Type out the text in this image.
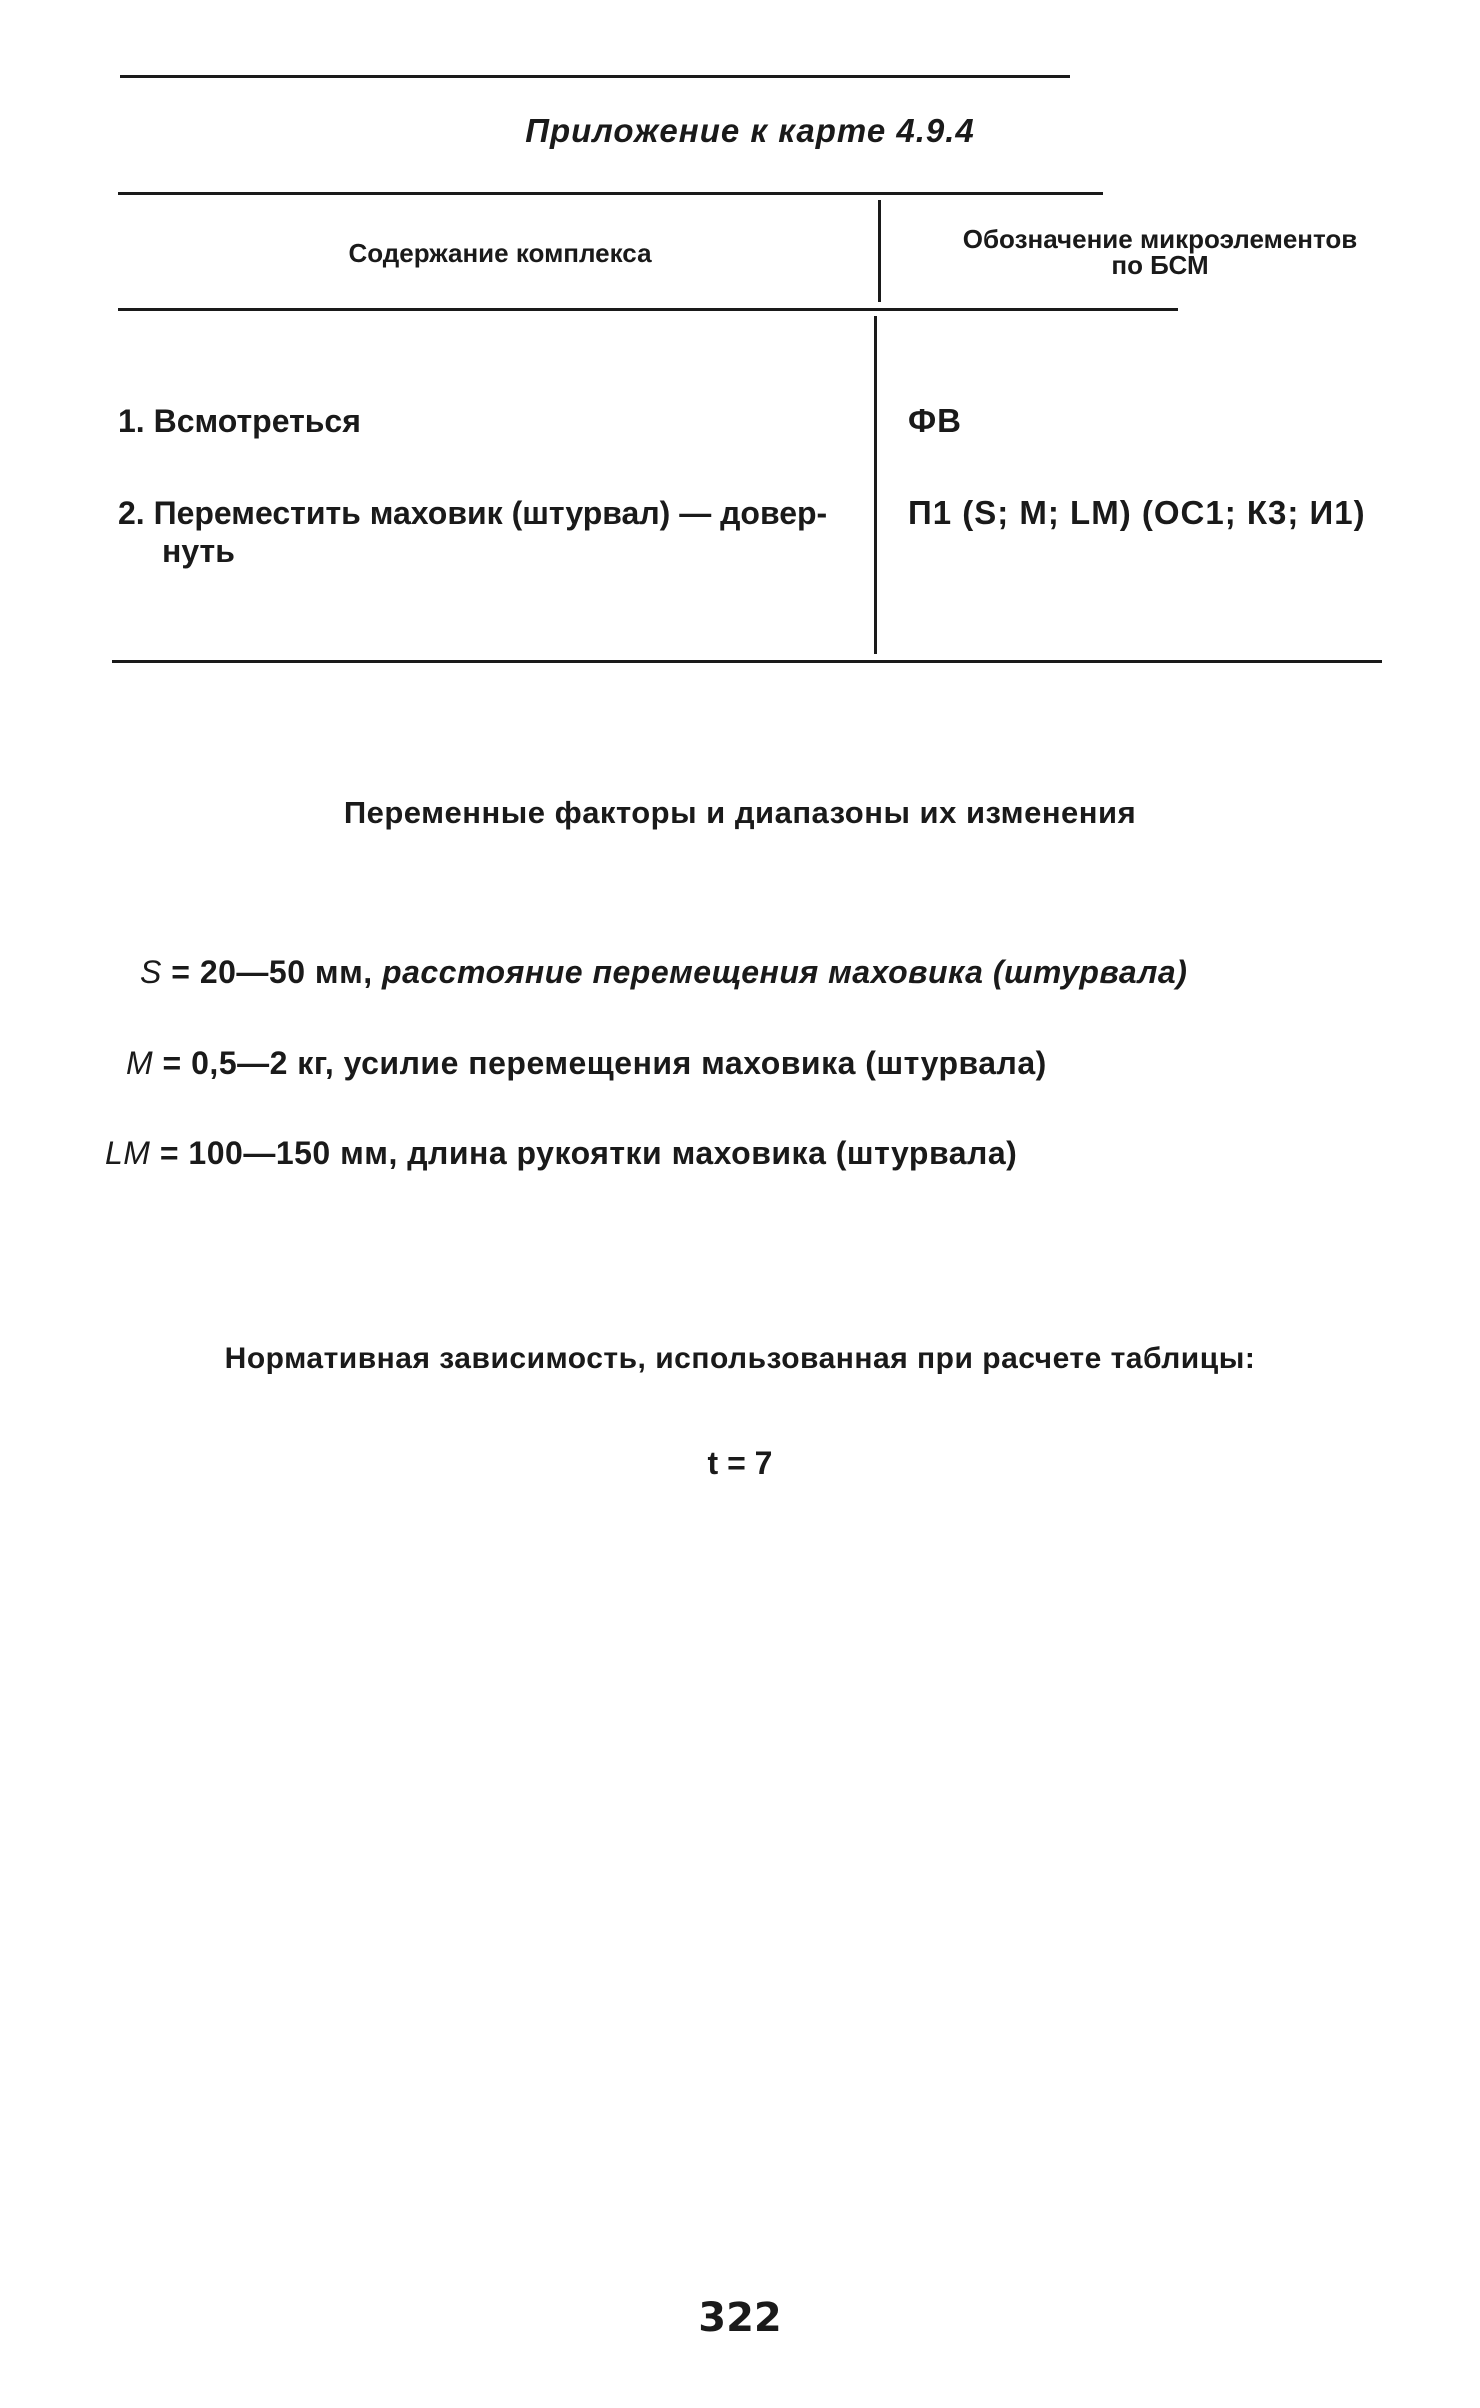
Приложение к карте 4.9.4
Содержание комплекса	Обозначение микроэлементов
по БСМ
1. Всмотреться	ФВ
2. Переместить маховик (штурвал) — довер-
нуть
П1 (S; M; LM) (ОС1; К3; И1)
Переменные факторы и диапазоны их изменения
S = 20—50 мм, расстояние перемещения маховика (штурвала)
M = 0,5—2 кг, усилие перемещения маховика (штурвала)
LM = 100—150 мм, длина рукоятки маховика (штурвала)
Нормативная зависимость, использованная при расчете таблицы:
t = 7
322
